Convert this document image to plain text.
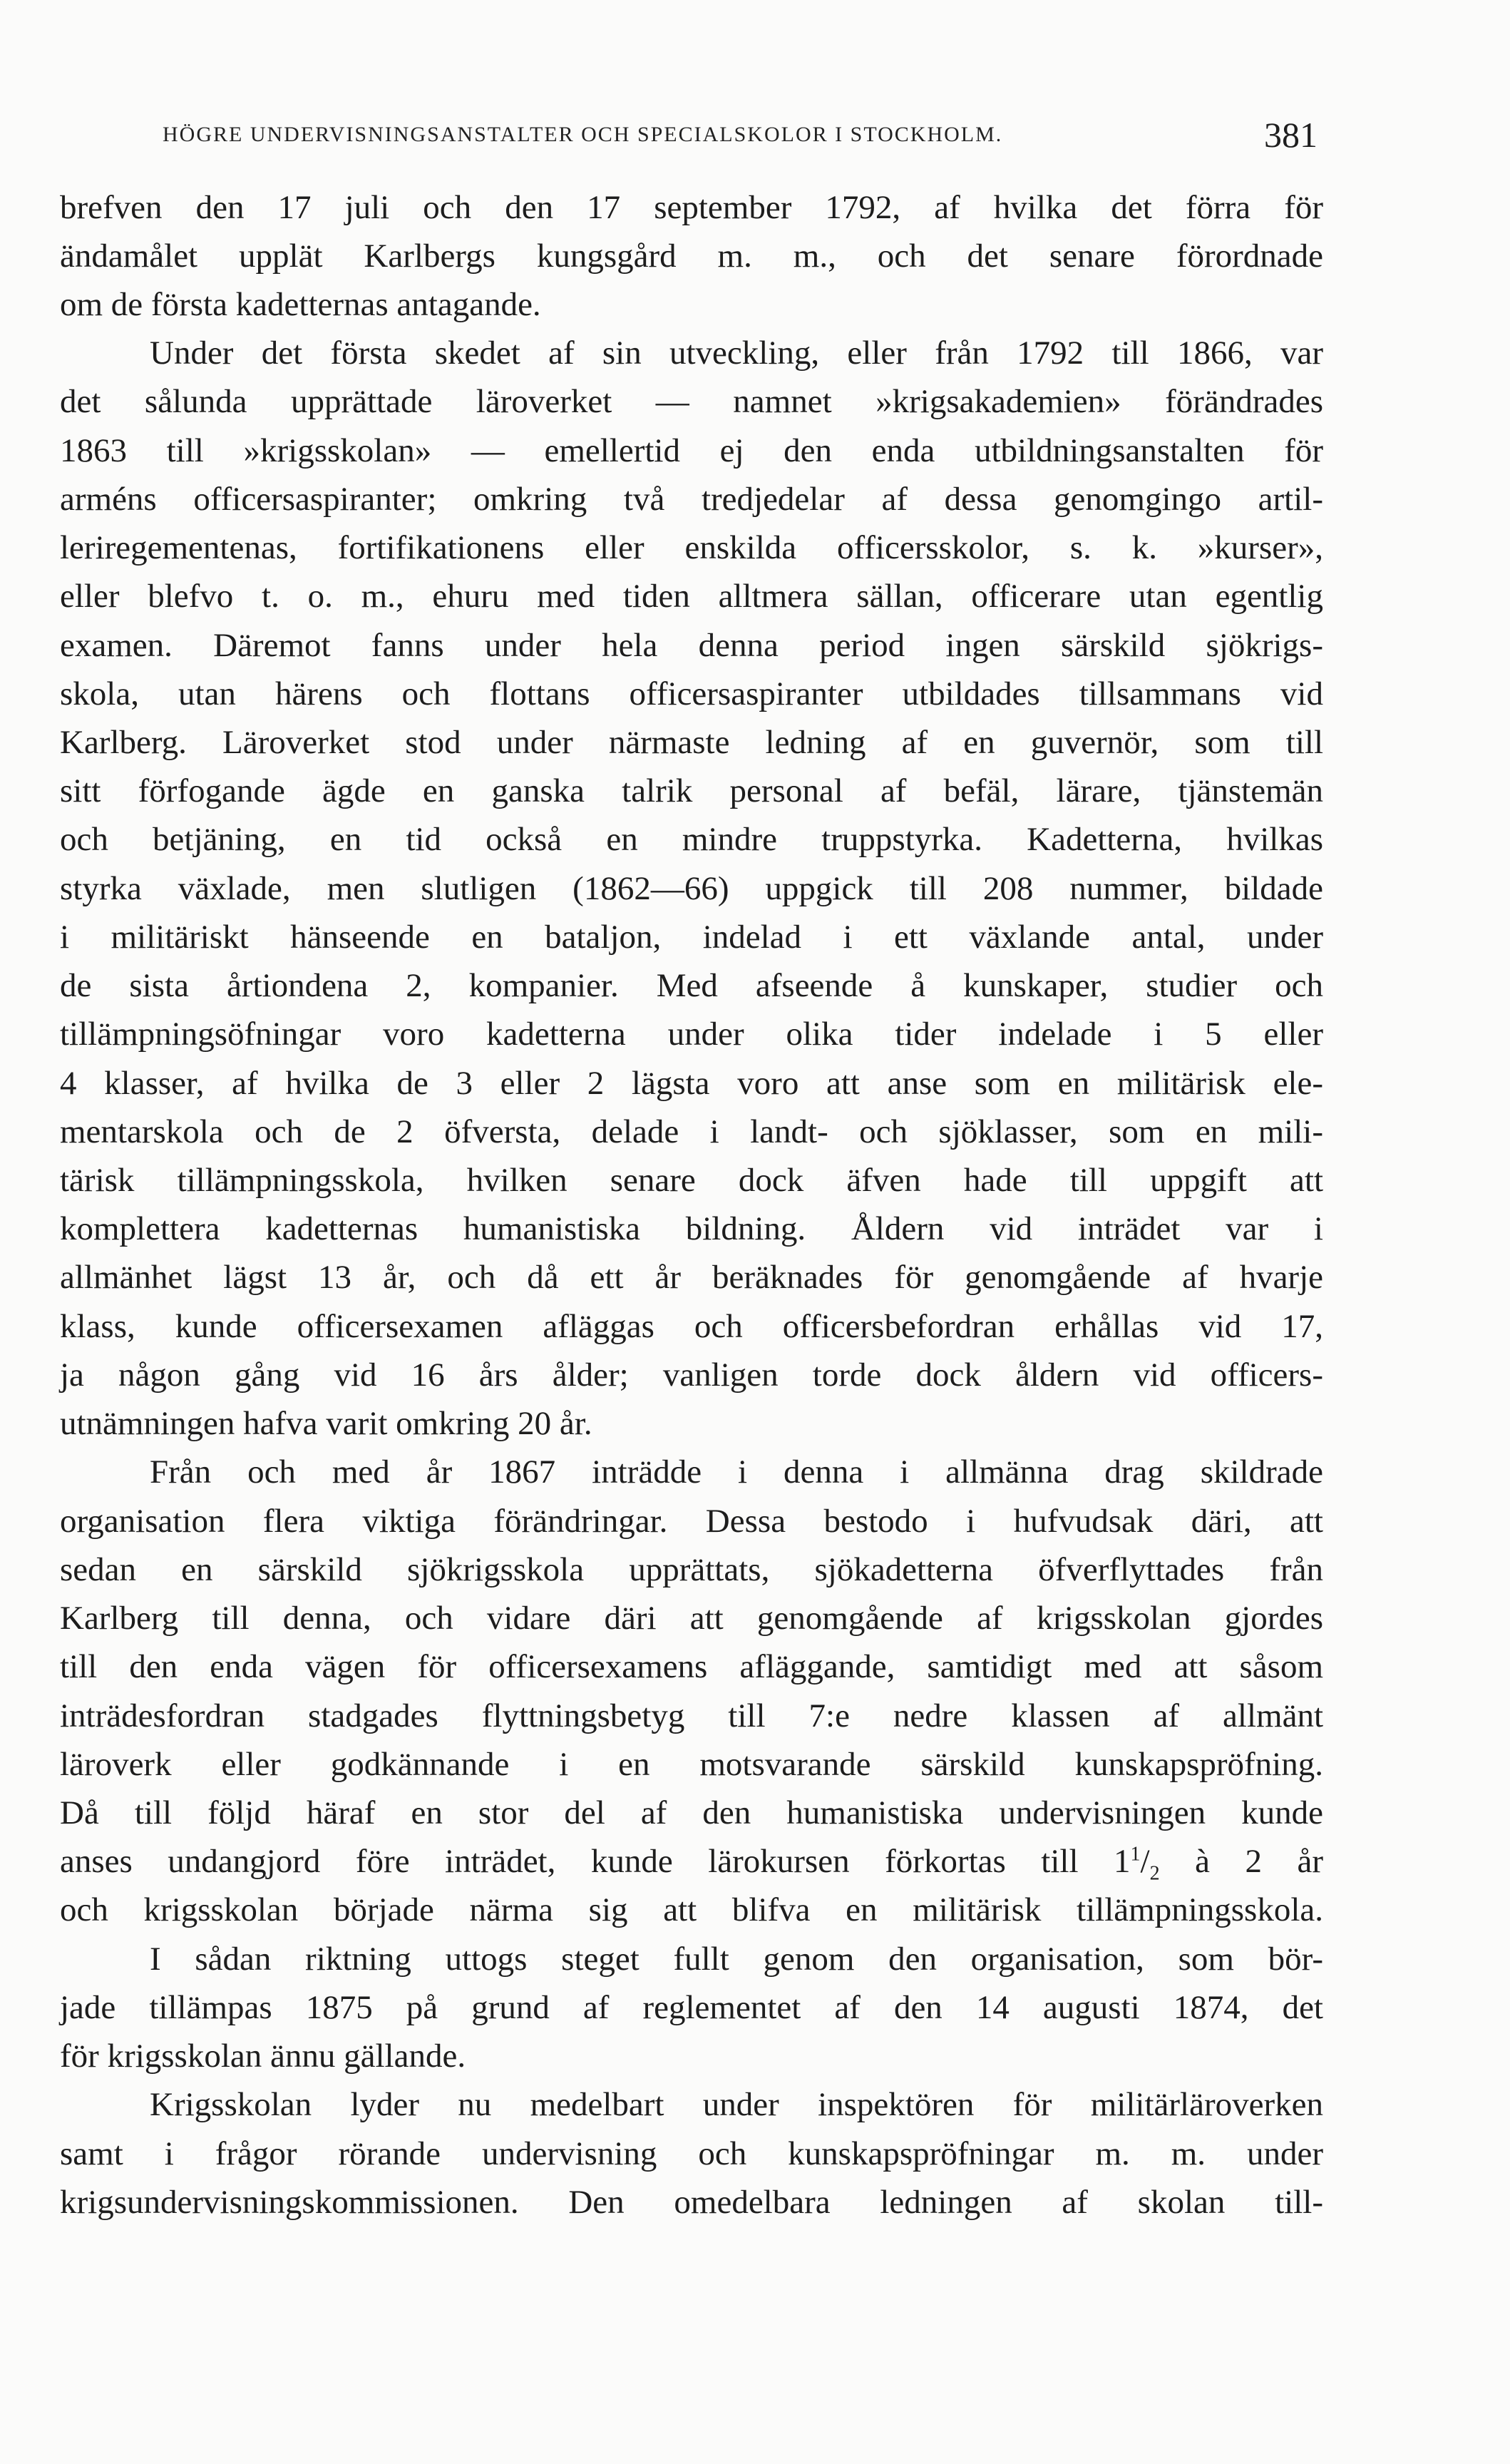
HÖGRE UNDERVISNINGSANSTALTER OCH SPECIALSKOLOR I STOCKHOLM.	381
brefven den 17 juli och den 17 september 1792, af hvilka det förra för
ändamålet upplät Karlbergs kungsgård m. m., och det senare förordnade
om de första kadetternas antagande.
Under det första skedet af sin utveckling, eller från 1792 till 1866, var
det sålunda upprättade läroverket — namnet »krigsakademien» förändrades
1863 till »krigsskolan» — emellertid ej den enda utbildningsanstalten för
arméns officersaspiranter; omkring två tredjedelar af dessa genomgingo artil-
leriregementenas, fortifikationens eller enskilda officersskolor, s. k. »kurser»,
eller blefvo t. o. m., ehuru med tiden alltmera sällan, officerare utan egentlig
examen. Däremot fanns under hela denna period ingen särskild sjökrigs-
skola, utan härens och flottans officersaspiranter utbildades tillsammans vid
Karlberg. Läroverket stod under närmaste ledning af en guvernör, som till
sitt förfogande ägde en ganska talrik personal af befäl, lärare, tjänstemän
och betjäning, en tid också en mindre truppstyrka. Kadetterna, hvilkas
styrka växlade, men slutligen (1862—66) uppgick till 208 nummer, bildade
i militäriskt hänseende en bataljon, indelad i ett växlande antal, under
de sista årtiondena 2, kompanier. Med afseende å kunskaper, studier och
tillämpningsöfningar voro kadetterna under olika tider indelade i 5 eller
4 klasser, af hvilka de 3 eller 2 lägsta voro att anse som en militärisk ele-
mentarskola och de 2 öfversta, delade i landt- och sjöklasser, som en mili-
tärisk tillämpningsskola, hvilken senare dock äfven hade till uppgift att
komplettera kadetternas humanistiska bildning. Åldern vid inträdet var i
allmänhet lägst 13 år, och då ett år beräknades för genomgående af hvarje
klass, kunde officersexamen afläggas och officersbefordran erhållas vid 17,
ja någon gång vid 16 års ålder; vanligen torde dock åldern vid officers-
utnämningen hafva varit omkring 20 år.
Från och med år 1867 inträdde i denna i allmänna drag skildrade
organisation flera viktiga förändringar. Dessa bestodo i hufvudsak däri, att
sedan en särskild sjökrigsskola upprättats, sjökadetterna öfverflyttades från
Karlberg till denna, och vidare däri att genomgående af krigsskolan gjordes
till den enda vägen för officersexamens afläggande, samtidigt med att såsom
inträdesfordran stadgades flyttningsbetyg till 7:e nedre klassen af allmänt
läroverk eller godkännande i en motsvarande särskild kunskapspröfning.
Då till följd häraf en stor del af den humanistiska undervisningen kunde
anses undangjord före inträdet, kunde lärokursen förkortas till $1^1/_2$ à 2 år
och krigsskolan började närma sig att blifva en militärisk tillämpningsskola.
I sådan riktning uttogs steget fullt genom den organisation, som bör-
jade tillämpas 1875 på grund af reglementet af den 14 augusti 1874, det
för krigsskolan ännu gällande.
Krigsskolan lyder nu medelbart under inspektören för militärläroverken
samt i frågor rörande undervisning och kunskapspröfningar m. m. under
krigsundervisningskommissionen. Den omedelbara ledningen af skolan till-
